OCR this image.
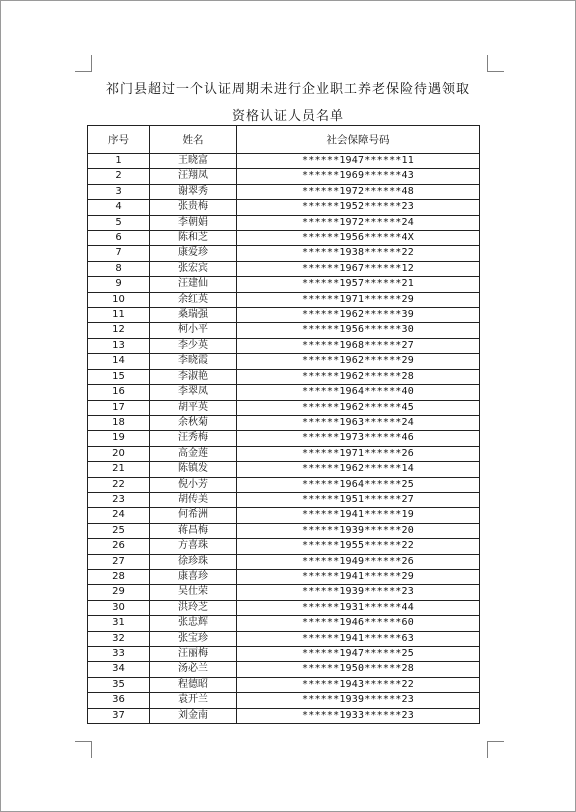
祁门县超过一个认证周期未进行企业职工养老保险待遇领取
资格认证人员名单
序号	姓名	社会保障号码
1	王晓富	******1947******11
2	汪翔凤	******1969******43
3	谢翠秀	******1972******48
4	张贵梅	******1952******23
5	李朝娟	******1972******24
6	陈和芝	******1956******4X
7	康爱珍	******1938******22
8	张宏宾	******1967******12
9	汪建仙	******1957******21
10	余红英	******1971******29
11	桑瑞强	******1962******39
12	柯小平	******1956******30
13	李少英	******1968******27
14	李晓霞	******1962******29
15	李淑艳	******1962******28
16	李翠凤	******1964******40
17	胡平英	******1962******45
18	余秋菊	******1963******24
19	汪秀梅	******1973******46
20	高金莲	******1971******26
21	陈镇发	******1962******14
22	倪小芳	******1964******25
23	胡传美	******1951******27
24	何希洲	******1941******19
25	蒋昌梅	******1939******20
26	方喜珠	******1955******22
27	徐珍珠	******1949******26
28	康喜珍	******1941******29
29	吴仕荣	******1939******23
30	洪玲芝	******1931******44
31	张忠辉	******1946******60
32	张宝珍	******1941******63
33	汪丽梅	******1947******25
34	汤必兰	******1950******28
35	程德昭	******1943******22
36	袁开兰	******1939******23
37	刘金南	******1933******23
